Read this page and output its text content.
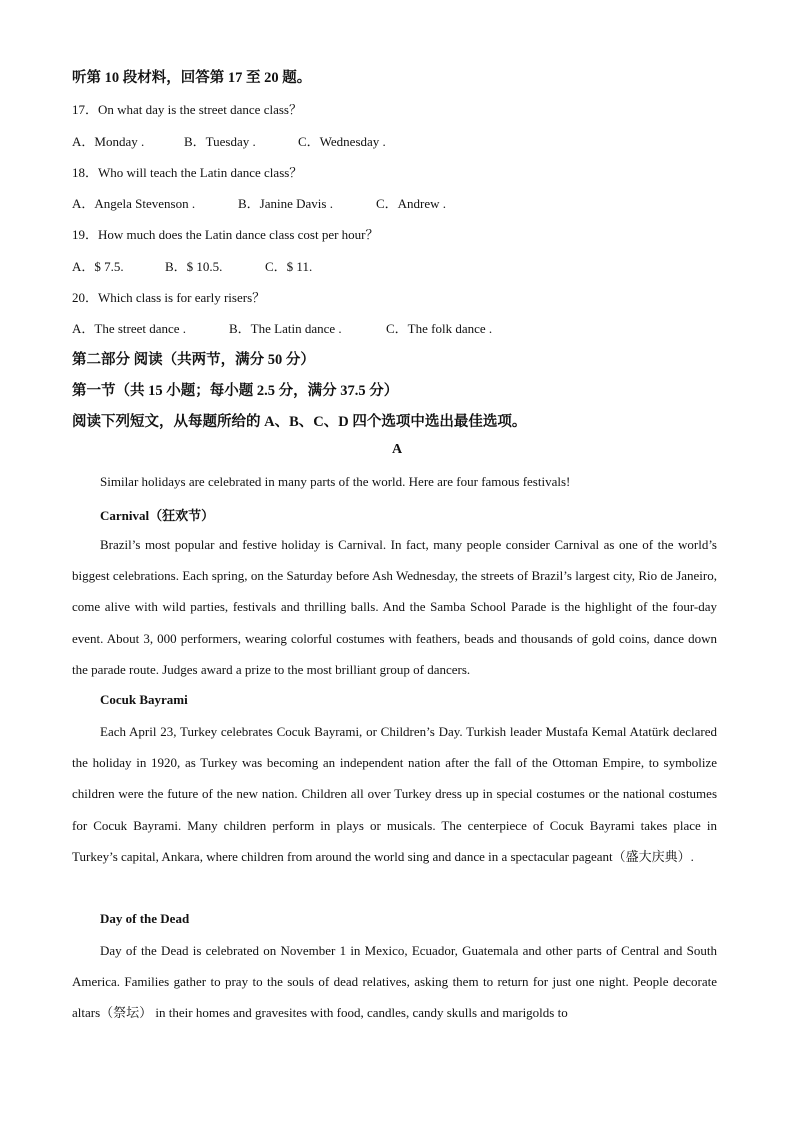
听第 10 段材料，回答第 17 至 20 题。
17．On what day is the street dance class？
A．Monday .	B．Tuesday .	C．Wednesday .
18．Who will teach the Latin dance class？
A．Angela Stevenson .	B．Janine Davis .	C．Andrew .
19．How much does the Latin dance class cost per hour？
A．$ 7.5.	B．$ 10.5.	C．$ 11.
20．Which class is for early risers？
A．The street dance .	B．The Latin dance .	C．The folk dance .
第二部分 阅读（共两节，满分 50 分）
第一节（共 15 小题；每小题 2.5 分，满分 37.5 分）
阅读下列短文，从每题所给的 A、B、C、D 四个选项中选出最佳选项。
A
Similar holidays are celebrated in many parts of the world. Here are four famous festivals!
Carnival（狂欢节）
Brazil’s most popular and festive holiday is Carnival. In fact, many people consider Carnival as one of the world’s biggest celebrations. Each spring, on the Saturday before Ash Wednesday, the streets of Brazil’s largest city, Rio de Janeiro, come alive with wild parties, festivals and thrilling balls. And the Samba School Parade is the highlight of the four-day event. About 3, 000 performers, wearing colorful costumes with feathers, beads and thousands of gold coins, dance down the parade route. Judges award a prize to the most brilliant group of dancers.
Cocuk Bayrami
Each April 23, Turkey celebrates Cocuk Bayrami, or Children’s Day. Turkish leader Mustafa Kemal Atatürk declared the holiday in 1920, as Turkey was becoming an independent nation after the fall of the Ottoman Empire, to symbolize children were the future of the new nation. Children all over Turkey dress up in special costumes or the national costumes for Cocuk Bayrami. Many children perform in plays or musicals. The centerpiece of Cocuk Bayrami takes place in Turkey’s capital, Ankara, where children from around the world sing and dance in a spectacular pageant（盛大庆典）.
Day of the Dead
Day of the Dead is celebrated on November 1 in Mexico, Ecuador, Guatemala and other parts of Central and South America. Families gather to pray to the souls of dead relatives, asking them to return for just one night. People decorate altars（祭坛） in their homes and gravesites with food, candles, candy skulls and marigolds to
